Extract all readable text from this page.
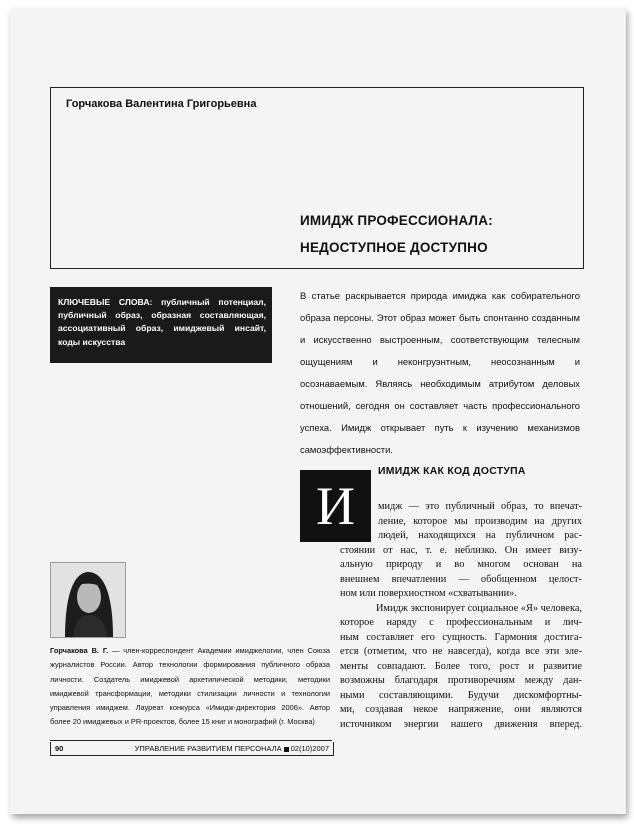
Горчакова Валентина Григорьевна
ИМИДЖ ПРОФЕССИОНАЛА:
НЕДОСТУПНОЕ ДОСТУПНО
КЛЮЧЕВЫЕ СЛОВА: публичный потенциал, публичный образ, образная составляющая, ассоциативный образ, имиджевый инсайт, коды искусства
В статье раскрывается природа имиджа как собирательного образа персоны. Этот образ может быть спонтанно созданным и искусственно выстроенным, соответствующим телесным ощущениям и неконгруэнтным, неосознанным и осознаваемым. Являясь необходимым атрибутом деловых отношений, сегодня он составляет часть профессионального успеха. Имидж открывает путь к изучению механизмов самоэффективности.
И
ИМИДЖ КАК КОД ДОСТУПА
мидж — это публичный образ, то впечат-
ление, которое мы производим на других
людей, находящихся на публичном рас-
стоянии от нас, т. е. неблизко. Он имеет визу-
альную природу и во многом основан на
внешнем впечатлении — обобщенном целост-
ном или поверхностном «схватывании».
Имидж экспонирует социальное «Я» человека,
которое наряду с профессиональным и лич-
ным составляет его сущность. Гармония достига-
ется (отметим, что не навсегда), когда все эти эле-
менты совпадают. Более того, рост и развитие
возможны благодаря противоречиям между дан-
ными составляющими. Будучи дискомфортны-
ми, создавая некое напряжение, они являются
источником энергии нашего движения вперед.
Горчакова В. Г. — член-корреспондент Академии имиджелогии, член Союза журналистов России. Автор технологии формирования публичного образа личности. Создатель имиджевой архетипической методики, методики имиджевой трансформации, методики стилизации личности и технологии управления имиджем. Лауреат конкурса «Имидж-директория 2006». Автор более 20 имиджевых и PR-проектов, более 15 книг и монографий (г. Москва)
90	УПРАВЛЕНИЕ РАЗВИТИЕМ ПЕРСОНАЛА 02(10)2007
